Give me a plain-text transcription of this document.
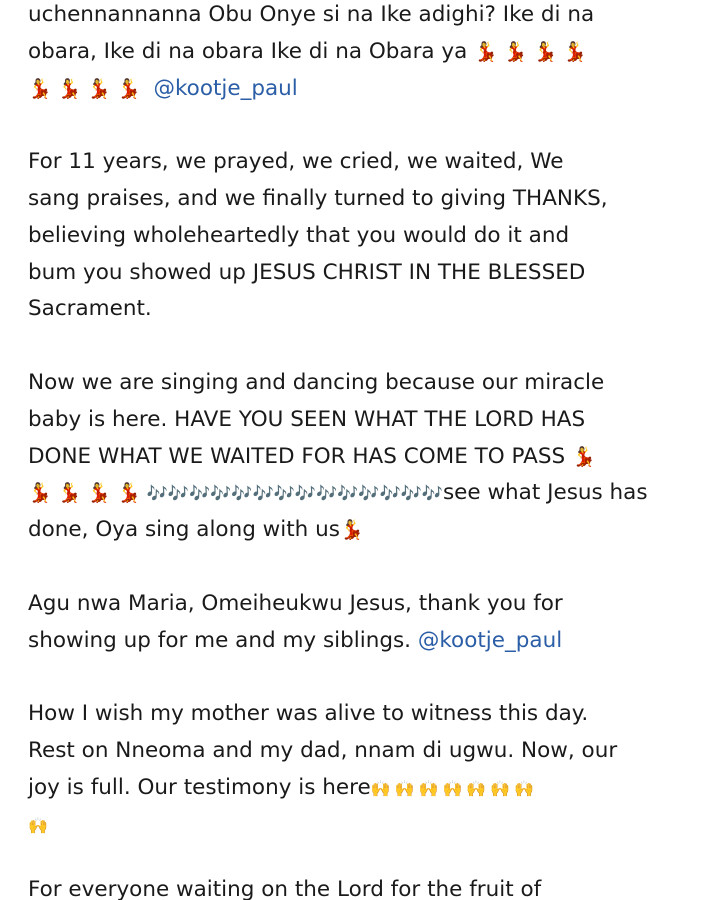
uchennannanna Obu Onye si na Ike adighi? Ike di na
obara, Ike di na obara Ike di na Obara ya 💃💃💃💃
💃💃💃💃 @kootje_paul
For 11 years, we prayed, we cried, we waited, We
sang praises, and we finally turned to giving THANKS,
believing wholeheartedly that you would do it and
bum you showed up JESUS CHRIST IN THE BLESSED
Sacrament.
Now we are singing and dancing because our miracle
baby is here. HAVE YOU SEEN WHAT THE LORD HAS
DONE WHAT WE WAITED FOR HAS COME TO PASS 💃
💃💃💃💃🎶🎶🎶🎶🎶🎶🎶🎶🎶🎶🎶🎶🎶🎶see what Jesus has
done, Oya sing along with us💃
Agu nwa Maria, Omeiheukwu Jesus, thank you for
showing up for me and my siblings. @kootje_paul
How I wish my mother was alive to witness this day.
Rest on Nneoma and my dad, nnam di ugwu. Now, our
joy is full. Our testimony is here🙌🙌🙌🙌🙌🙌🙌
🙌
For everyone waiting on the Lord for the fruit of
